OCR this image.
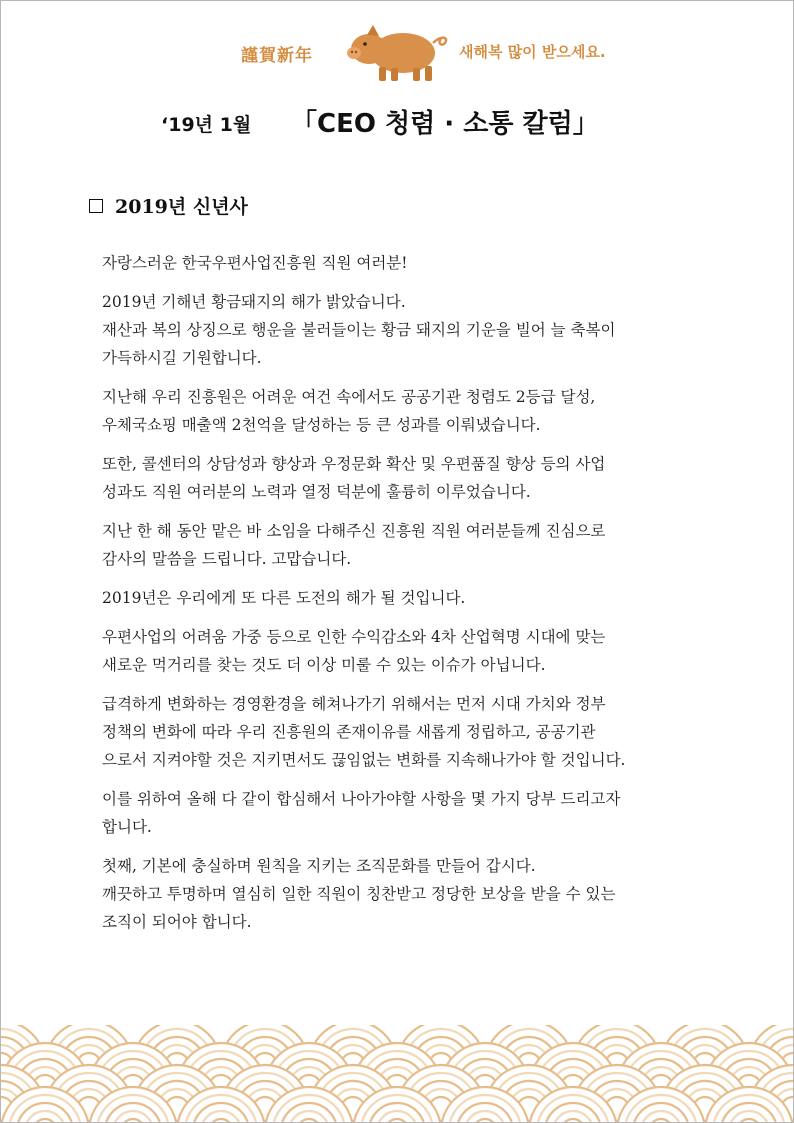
謹賀新年	새해복 많이 받으세요.
‘19년 1월 「CEO 청렴 · 소통 칼럼」
2019년 신년사
자랑스러운 한국우편사업진흥원 직원 여러분!
2019년 기해년 황금돼지의 해가 밝았습니다.
재산과 복의 상징으로 행운을 불러들이는 황금 돼지의 기운을 빌어 늘 축복이
가득하시길 기원합니다.
지난해 우리 진흥원은 어려운 여건 속에서도 공공기관 청렴도 2등급 달성,
우체국쇼핑 매출액 2천억을 달성하는 등 큰 성과를 이뤄냈습니다.
또한, 콜센터의 상담성과 향상과 우정문화 확산 및 우편품질 향상 등의 사업
성과도 직원 여러분의 노력과 열정 덕분에 훌륭히 이루었습니다.
지난 한 해 동안 맡은 바 소임을 다해주신 진흥원 직원 여러분들께 진심으로
감사의 말씀을 드립니다. 고맙습니다.
2019년은 우리에게 또 다른 도전의 해가 될 것입니다.
우편사업의 어려움 가중 등으로 인한 수익감소와 4차 산업혁명 시대에 맞는
새로운 먹거리를 찾는 것도 더 이상 미룰 수 있는 이슈가 아닙니다.
급격하게 변화하는 경영환경을 헤쳐나가기 위해서는 먼저 시대 가치와 정부
정책의 변화에 따라 우리 진흥원의 존재이유를 새롭게 정립하고, 공공기관
으로서 지켜야할 것은 지키면서도 끊임없는 변화를 지속해나가야 할 것입니다.
이를 위하여 올해 다 같이 합심해서 나아가야할 사항을 몇 가지 당부 드리고자
합니다.
첫째, 기본에 충실하며 원칙을 지키는 조직문화를 만들어 갑시다.
깨끗하고 투명하며 열심히 일한 직원이 칭찬받고 정당한 보상을 받을 수 있는
조직이 되어야 합니다.
